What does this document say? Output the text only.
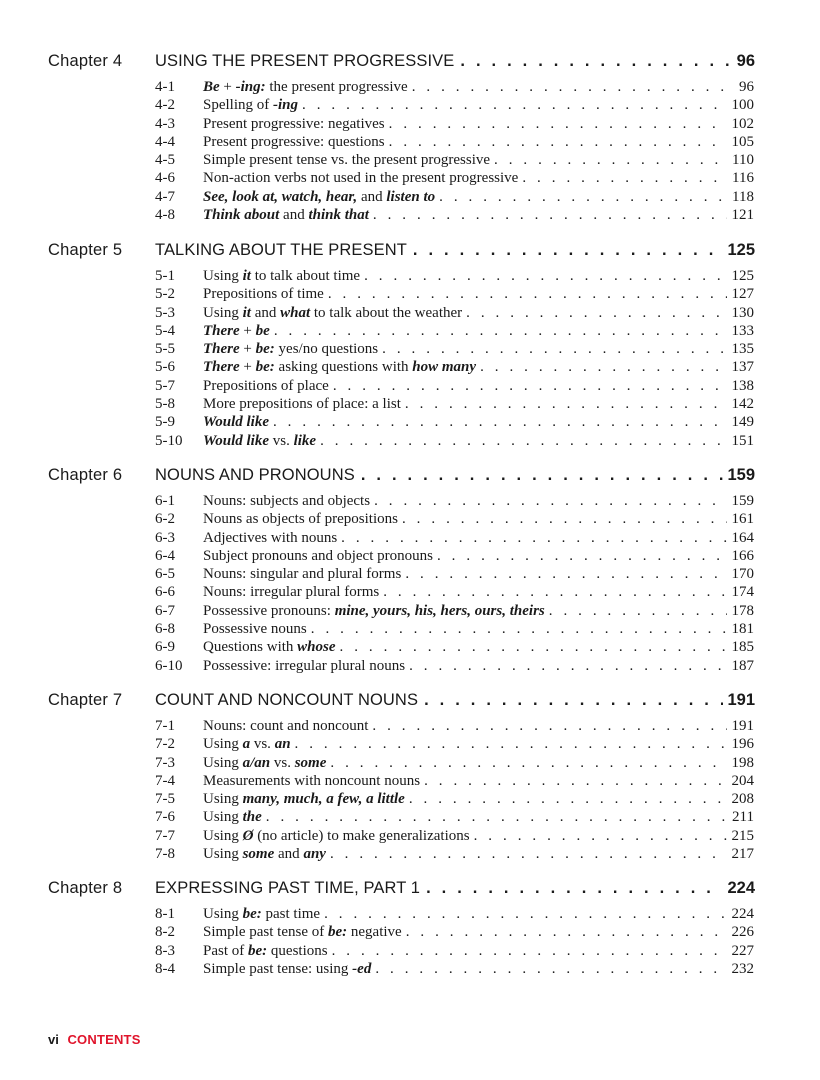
Chapter 4 USING THE PRESENT PROGRESSIVE . . .	96
4-1 Be + -ing: the present progressive . . .	96
4-2 Spelling of -ing . . .	100
4-3 Present progressive: negatives . . .	102
4-4 Present progressive: questions . . .	105
4-5 Simple present tense vs. the present progressive . . .	110
4-6 Non-action verbs not used in the present progressive . . .	116
4-7 See, look at, watch, hear, and listen to . . .	118
4-8 Think about and think that . . .	121
Chapter 5 TALKING ABOUT THE PRESENT . . .	125
5-1 Using it to talk about time . . .	125
5-2 Prepositions of time . . .	127
5-3 Using it and what to talk about the weather . . .	130
5-4 There + be . . .	133
5-5 There + be: yes/no questions . . .	135
5-6 There + be: asking questions with how many . . .	137
5-7 Prepositions of place . . .	138
5-8 More prepositions of place: a list . . .	142
5-9 Would like . . .	149
5-10 Would like vs. like . . .	151
Chapter 6 NOUNS AND PRONOUNS . . .	159
6-1 Nouns: subjects and objects . . .	159
6-2 Nouns as objects of prepositions . . .	161
6-3 Adjectives with nouns . . .	164
6-4 Subject pronouns and object pronouns . . .	166
6-5 Nouns: singular and plural forms . . .	170
6-6 Nouns: irregular plural forms . . .	174
6-7 Possessive pronouns: mine, yours, his, hers, ours, theirs . . .	178
6-8 Possessive nouns . . .	181
6-9 Questions with whose . . .	185
6-10 Possessive: irregular plural nouns . . .	187
Chapter 7 COUNT AND NONCOUNT NOUNS . . .	191
7-1 Nouns: count and noncount . . .	191
7-2 Using a vs. an . . .	196
7-3 Using a/an vs. some . . .	198
7-4 Measurements with noncount nouns . . .	204
7-5 Using many, much, a few, a little . . .	208
7-6 Using the . . .	211
7-7 Using Ø (no article) to make generalizations . . .	215
7-8 Using some and any . . .	217
Chapter 8 EXPRESSING PAST TIME, PART 1 . . .	224
8-1 Using be: past time . . .	224
8-2 Simple past tense of be: negative . . .	226
8-3 Past of be: questions . . .	227
8-4 Simple past tense: using -ed . . .	232
vi CONTENTS
